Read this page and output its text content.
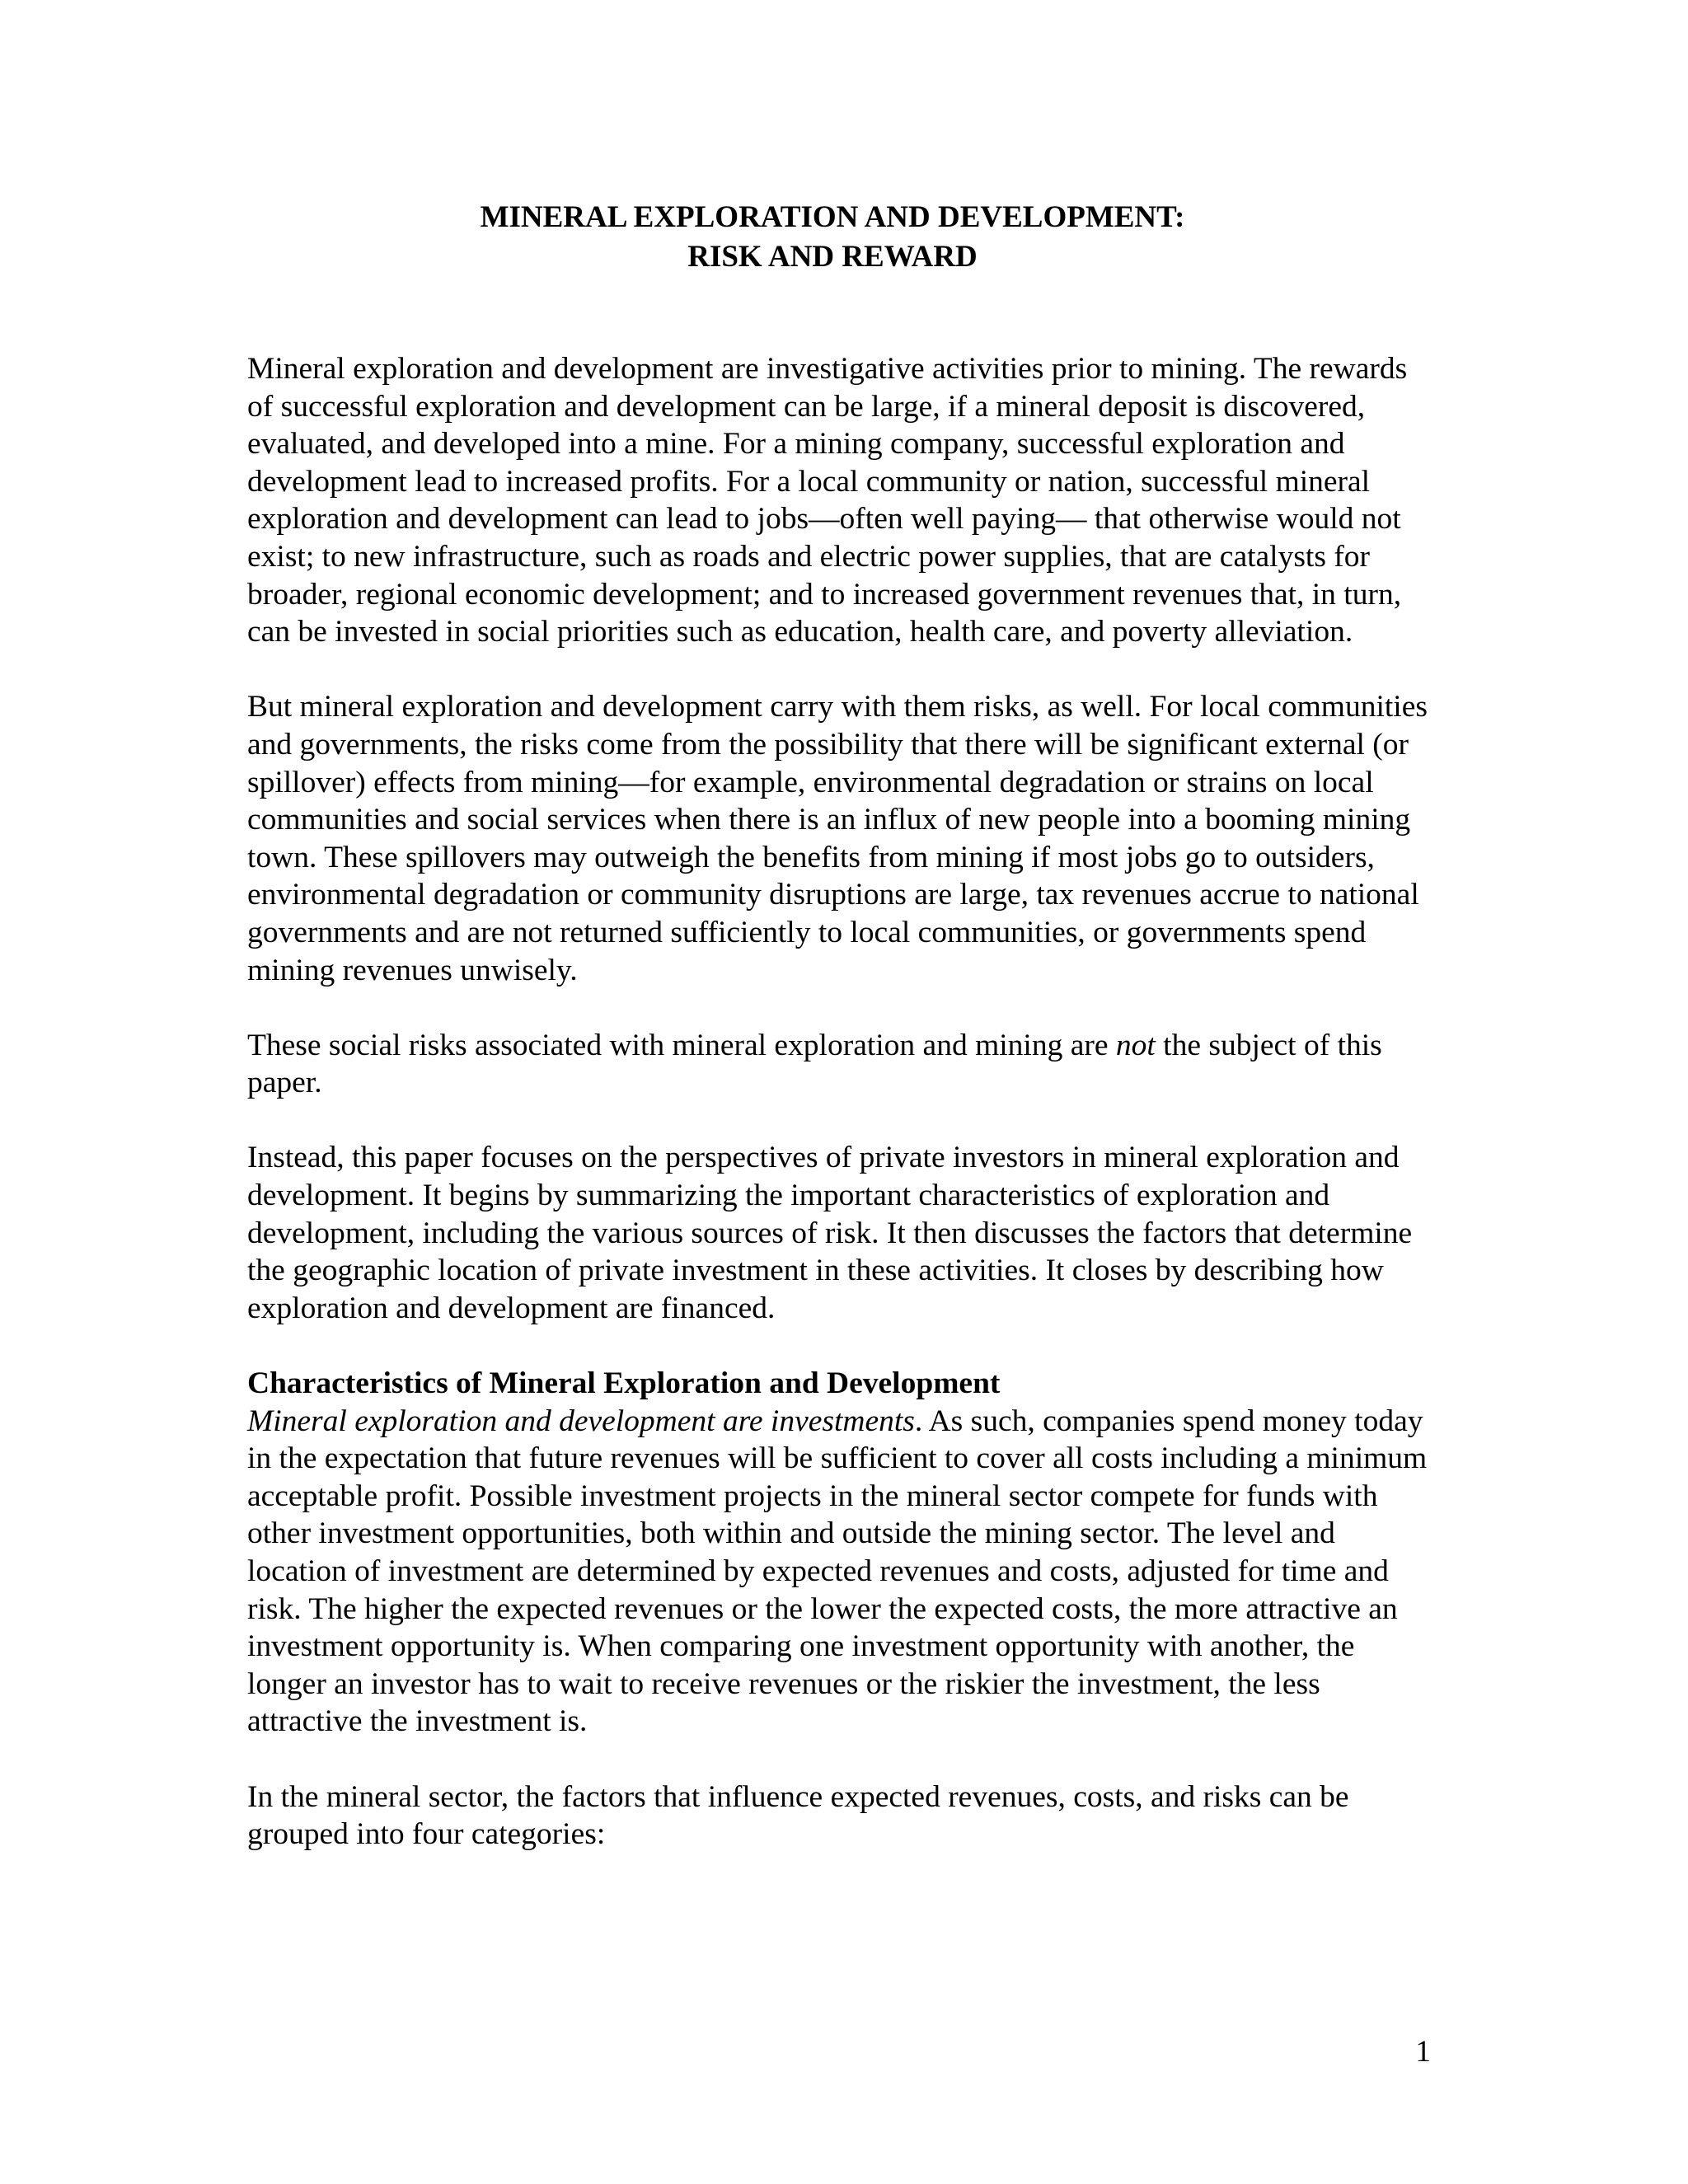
MINERAL EXPLORATION AND DEVELOPMENT:
RISK AND REWARD

Mineral exploration and development are investigative activities prior to mining. The rewards of successful exploration and development can be large, if a mineral deposit is discovered, evaluated, and developed into a mine. For a mining company, successful exploration and development lead to increased profits. For a local community or nation, successful mineral exploration and development can lead to jobs—often well paying— that otherwise would not exist; to new infrastructure, such as roads and electric power supplies, that are catalysts for broader, regional economic development; and to increased government revenues that, in turn, can be invested in social priorities such as education, health care, and poverty alleviation.

But mineral exploration and development carry with them risks, as well. For local communities and governments, the risks come from the possibility that there will be significant external (or spillover) effects from mining—for example, environmental degradation or strains on local communities and social services when there is an influx of new people into a booming mining town. These spillovers may outweigh the benefits from mining if most jobs go to outsiders, environmental degradation or community disruptions are large, tax revenues accrue to national governments and are not returned sufficiently to local communities, or governments spend mining revenues unwisely.

These social risks associated with mineral exploration and mining are not the subject of this paper.

Instead, this paper focuses on the perspectives of private investors in mineral exploration and development. It begins by summarizing the important characteristics of exploration and development, including the various sources of risk. It then discusses the factors that determine the geographic location of private investment in these activities. It closes by describing how exploration and development are financed.

Characteristics of Mineral Exploration and Development
Mineral exploration and development are investments. As such, companies spend money today in the expectation that future revenues will be sufficient to cover all costs including a minimum acceptable profit. Possible investment projects in the mineral sector compete for funds with other investment opportunities, both within and outside the mining sector. The level and location of investment are determined by expected revenues and costs, adjusted for time and risk. The higher the expected revenues or the lower the expected costs, the more attractive an investment opportunity is. When comparing one investment opportunity with another, the longer an investor has to wait to receive revenues or the riskier the investment, the less attractive the investment is.

In the mineral sector, the factors that influence expected revenues, costs, and risks can be grouped into four categories:

1
